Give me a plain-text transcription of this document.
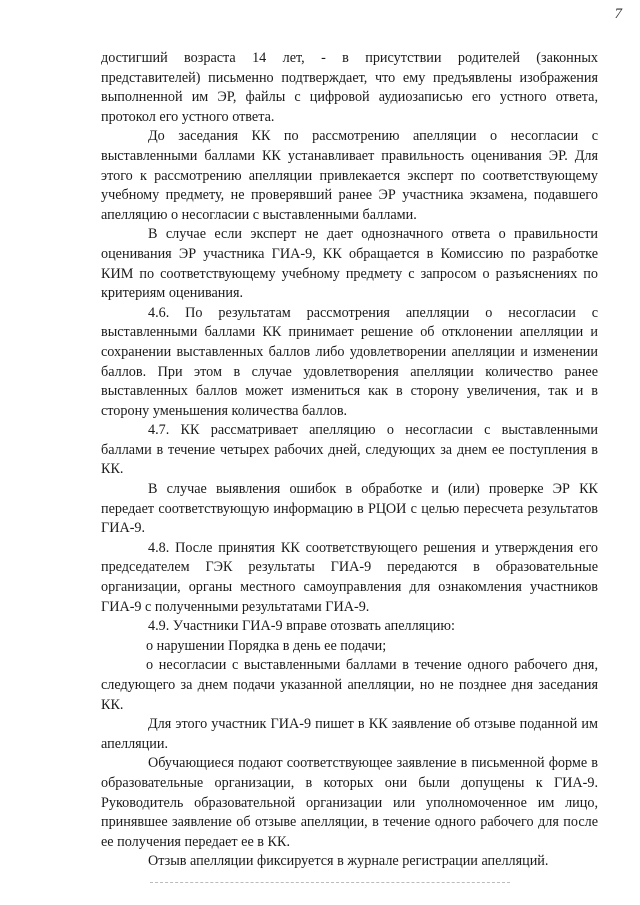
7

достигший возраста 14 лет, - в присутствии родителей (законных представителей) письменно подтверждает, что ему предъявлены изображения выполненной им ЭР, файлы с цифровой аудиозаписью его устного ответа, протокол его устного ответа.

До заседания КК по рассмотрению апелляции о несогласии с выставленными баллами КК устанавливает правильность оценивания ЭР. Для этого к рассмотрению апелляции привлекается эксперт по соответствующему учебному предмету, не проверявший ранее ЭР участника экзамена, подавшего апелляцию о несогласии с выставленными баллами.

В случае если эксперт не дает однозначного ответа о правильности оценивания ЭР участника ГИА-9, КК обращается в Комиссию по разработке КИМ по соответствующему учебному предмету с запросом о разъяснениях по критериям оценивания.

4.6. По результатам рассмотрения апелляции о несогласии с выставленными баллами КК принимает решение об отклонении апелляции и сохранении выставленных баллов либо удовлетворении апелляции и изменении баллов. При этом в случае удовлетворения апелляции количество ранее выставленных баллов может измениться как в сторону увеличения, так и в сторону уменьшения количества баллов.

4.7. КК рассматривает апелляцию о несогласии с выставленными баллами в течение четырех рабочих дней, следующих за днем ее поступления в КК.

В случае выявления ошибок в обработке и (или) проверке ЭР КК передает соответствующую информацию в РЦОИ с целью пересчета результатов ГИА-9.

4.8. После принятия КК соответствующего решения и утверждения его председателем ГЭК результаты ГИА-9 передаются в образовательные организации, органы местного самоуправления для ознакомления участников ГИА-9 с полученными результатами ГИА-9.

4.9. Участники ГИА-9 вправе отозвать апелляцию:

о нарушении Порядка в день ее подачи;

о несогласии с выставленными баллами в течение одного рабочего дня, следующего за днем подачи указанной апелляции, но не позднее дня заседания КК.

Для этого участник ГИА-9 пишет в КК заявление об отзыве поданной им апелляции.

Обучающиеся подают соответствующее заявление в письменной форме в образовательные организации, в которых они были допущены к ГИА-9. Руководитель образовательной организации или уполномоченное им лицо, принявшее заявление об отзыве апелляции, в течение одного рабочего для после ее получения передает ее в КК.

Отзыв апелляции фиксируется в журнале регистрации апелляций.
